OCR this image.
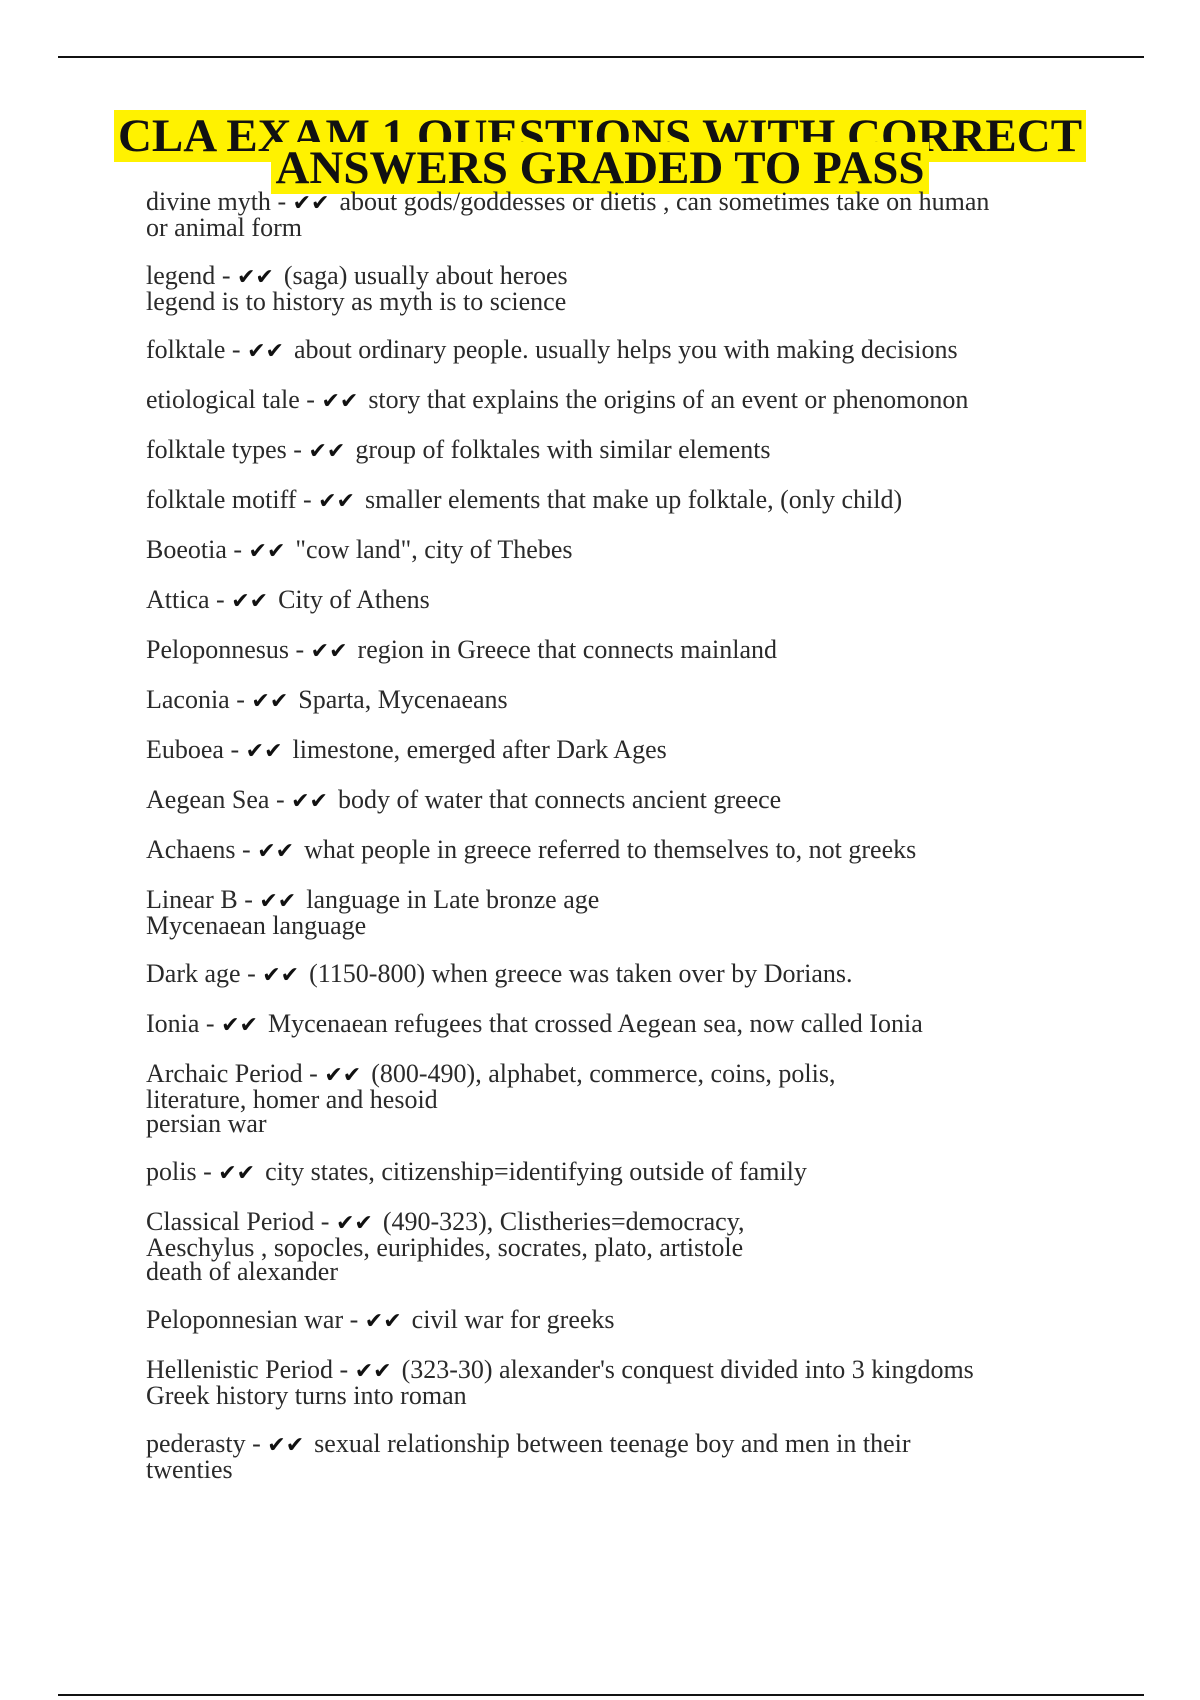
CLA EXAM 1 QUESTIONS WITH CORRECT ANSWERS GRADED TO PASS
divine myth - ✔✔ about gods/goddesses or dietis , can sometimes take on human
or animal form
legend - ✔✔ (saga) usually about heroes
legend is to history as myth is to science
folktale - ✔✔ about ordinary people. usually helps you with making decisions
etiological tale - ✔✔ story that explains the origins of an event or phenomonon
folktale types - ✔✔ group of folktales with similar elements
folktale motiff - ✔✔ smaller elements that make up folktale, (only child)
Boeotia - ✔✔ "cow land", city of Thebes
Attica - ✔✔ City of Athens
Peloponnesus - ✔✔ region in Greece that connects mainland
Laconia - ✔✔ Sparta, Mycenaeans
Euboea - ✔✔ limestone, emerged after Dark Ages
Aegean Sea - ✔✔ body of water that connects ancient greece
Achaens - ✔✔ what people in greece referred to themselves to, not greeks
Linear B - ✔✔ language in Late bronze age
Mycenaean language
Dark age - ✔✔ (1150-800) when greece was taken over by Dorians.
Ionia - ✔✔ Mycenaean refugees that crossed Aegean sea, now called Ionia
Archaic Period - ✔✔ (800-490), alphabet, commerce, coins, polis,
literature, homer and hesoid
persian war
polis - ✔✔ city states, citizenship=identifying outside of family
Classical Period - ✔✔ (490-323), Clistheries=democracy,
Aeschylus , sopocles, euriphides, socrates, plato, artistole
death of alexander
Peloponnesian war - ✔✔ civil war for greeks
Hellenistic Period - ✔✔ (323-30) alexander's conquest divided into 3 kingdoms
Greek history turns into roman
pederasty - ✔✔ sexual relationship between teenage boy and men in their
twenties
